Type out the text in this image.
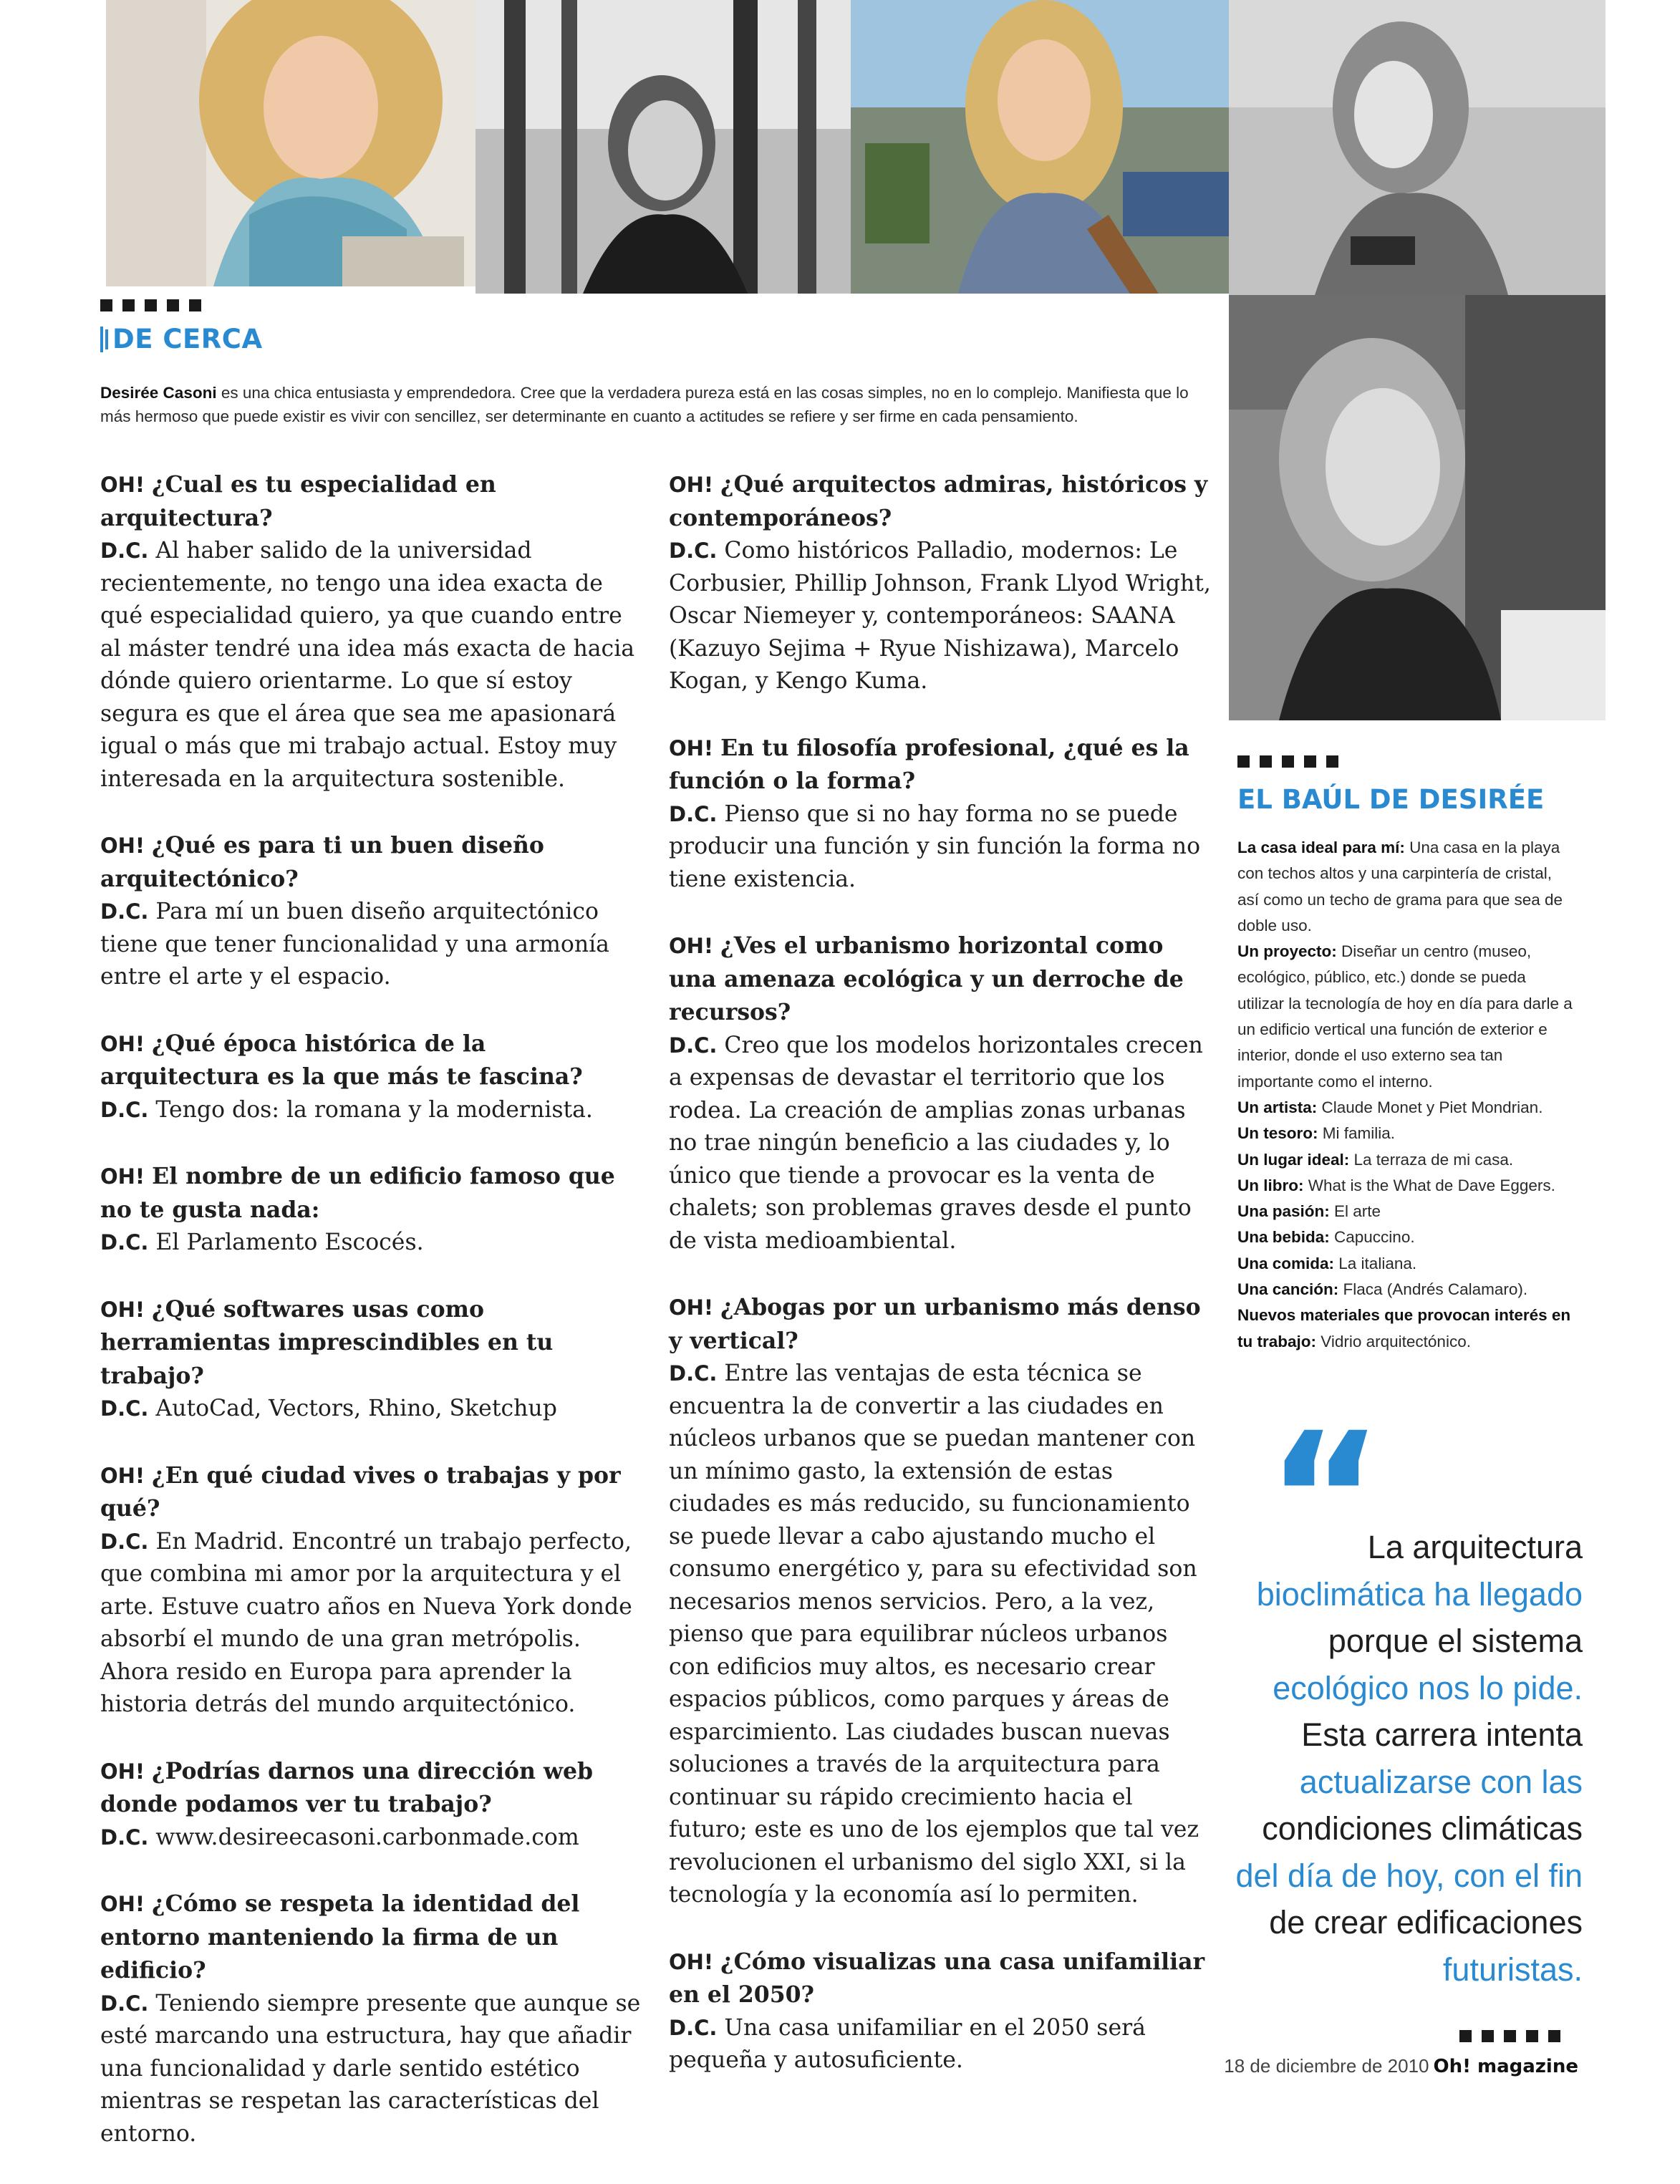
DE CERCA
Desirée Casoni es una chica entusiasta y emprendedora. Cree que la verdadera pureza está en las cosas simples, no en lo complejo. Manifiesta que lo más hermoso que puede existir es vivir con sencillez, ser determinante en cuanto a actitudes se refiere y ser firme en cada pensamiento.
OH! ¿Cual es tu especialidad en arquitectura?
D.C. Al haber salido de la universidad recientemente, no tengo una idea exacta de qué especialidad quiero, ya que cuando entre al máster tendré una idea más exacta de hacia dónde quiero orientarme. Lo que sí estoy segura es que el área que sea me apasionará igual o más que mi trabajo actual. Estoy muy interesada en la arquitectura sostenible.
OH! ¿Qué es para ti un buen diseño arquitectónico?
D.C. Para mí un buen diseño arquitectónico tiene que tener funcionalidad y una armonía entre el arte y el espacio.
OH! ¿Qué época histórica de la arquitectura es la que más te fascina?
D.C. Tengo dos: la romana y la modernista.
OH! El nombre de un edificio famoso que no te gusta nada:
D.C. El Parlamento Escocés.
OH! ¿Qué softwares usas como herramientas imprescindibles en tu trabajo?
D.C. AutoCad, Vectors, Rhino, Sketchup
OH! ¿En qué ciudad vives o trabajas y por qué?
D.C. En Madrid. Encontré un trabajo perfecto, que combina mi amor por la arquitectura y el arte. Estuve cuatro años en Nueva York donde absorbí el mundo de una gran metrópolis. Ahora resido en Europa para aprender la historia detrás del mundo arquitectónico.
OH! ¿Podrías darnos una dirección web donde podamos ver tu trabajo?
D.C. www.desireecasoni.carbonmade.com
OH! ¿Cómo se respeta la identidad del entorno manteniendo la firma de un edificio?
D.C. Teniendo siempre presente que aunque se esté marcando una estructura, hay que añadir una funcionalidad y darle sentido estético mientras se respetan las características del entorno.
OH! ¿Qué arquitectos admiras, históricos y contemporáneos?
D.C. Como históricos Palladio, modernos: Le Corbusier, Phillip Johnson, Frank Llyod Wright, Oscar Niemeyer y, contemporáneos: SAANA (Kazuyo Sejima + Ryue Nishizawa), Marcelo Kogan, y Kengo Kuma.
OH! En tu filosofía profesional, ¿qué es la función o la forma?
D.C. Pienso que si no hay forma no se puede producir una función y sin función la forma no tiene existencia.
OH! ¿Ves el urbanismo horizontal como una amenaza ecológica y un derroche de recursos?
D.C. Creo que los modelos horizontales crecen a expensas de devastar el territorio que los rodea. La creación de amplias zonas urbanas no trae ningún beneficio a las ciudades y, lo único que tiende a provocar es la venta de chalets; son problemas graves desde el punto de vista medioambiental.
OH! ¿Abogas por un urbanismo más denso y vertical?
D.C. Entre las ventajas de esta técnica se encuentra la de convertir a las ciudades en núcleos urbanos que se puedan mantener con un mínimo gasto, la extensión de estas ciudades es más reducido, su funcionamiento se puede llevar a cabo ajustando mucho el consumo energético y, para su efectividad son necesarios menos servicios. Pero, a la vez, pienso que para equilibrar núcleos urbanos con edificios muy altos, es necesario crear espacios públicos, como parques y áreas de esparcimiento. Las ciudades buscan nuevas soluciones a través de la arquitectura para continuar su rápido crecimiento hacia el futuro; este es uno de los ejemplos que tal vez revolucionen el urbanismo del siglo XXI, si la tecnología y la economía así lo permiten.
OH! ¿Cómo visualizas una casa unifamiliar en el 2050?
D.C. Una casa unifamiliar en el 2050 será pequeña y autosuficiente.
EL BAÚL DE DESIRÉE

La casa ideal para mí: Una casa en la playa con techos altos y una carpintería de cristal, así como un techo de grama para que sea de doble uso.

Un proyecto: Diseñar un centro (museo, ecológico, público, etc.) donde se pueda utilizar la tecnología de hoy en día para darle a un edificio vertical una función de exterior e interior, donde el uso externo sea tan importante como el interno.

Un artista: Claude Monet y Piet Mondrian.

Un tesoro: Mi familia.

Un lugar ideal: La terraza de mi casa.

Un libro: What is the What de Dave Eggers.

Una pasión: El arte

Una bebida: Capuccino.

Una comida: La italiana.

Una canción: Flaca (Andrés Calamaro).

Nuevos materiales que provocan interés en tu trabajo: Vidrio arquitectónico.

“
La arquitectura
bioclimática ha llegado
porque el sistema
ecológico nos lo pide.
Esta carrera intenta
actualizarse con las
condiciones climáticas
del día de hoy, con el fin
de crear edificaciones
futuristas.
18 de diciembre de 2010 Oh! magazine
